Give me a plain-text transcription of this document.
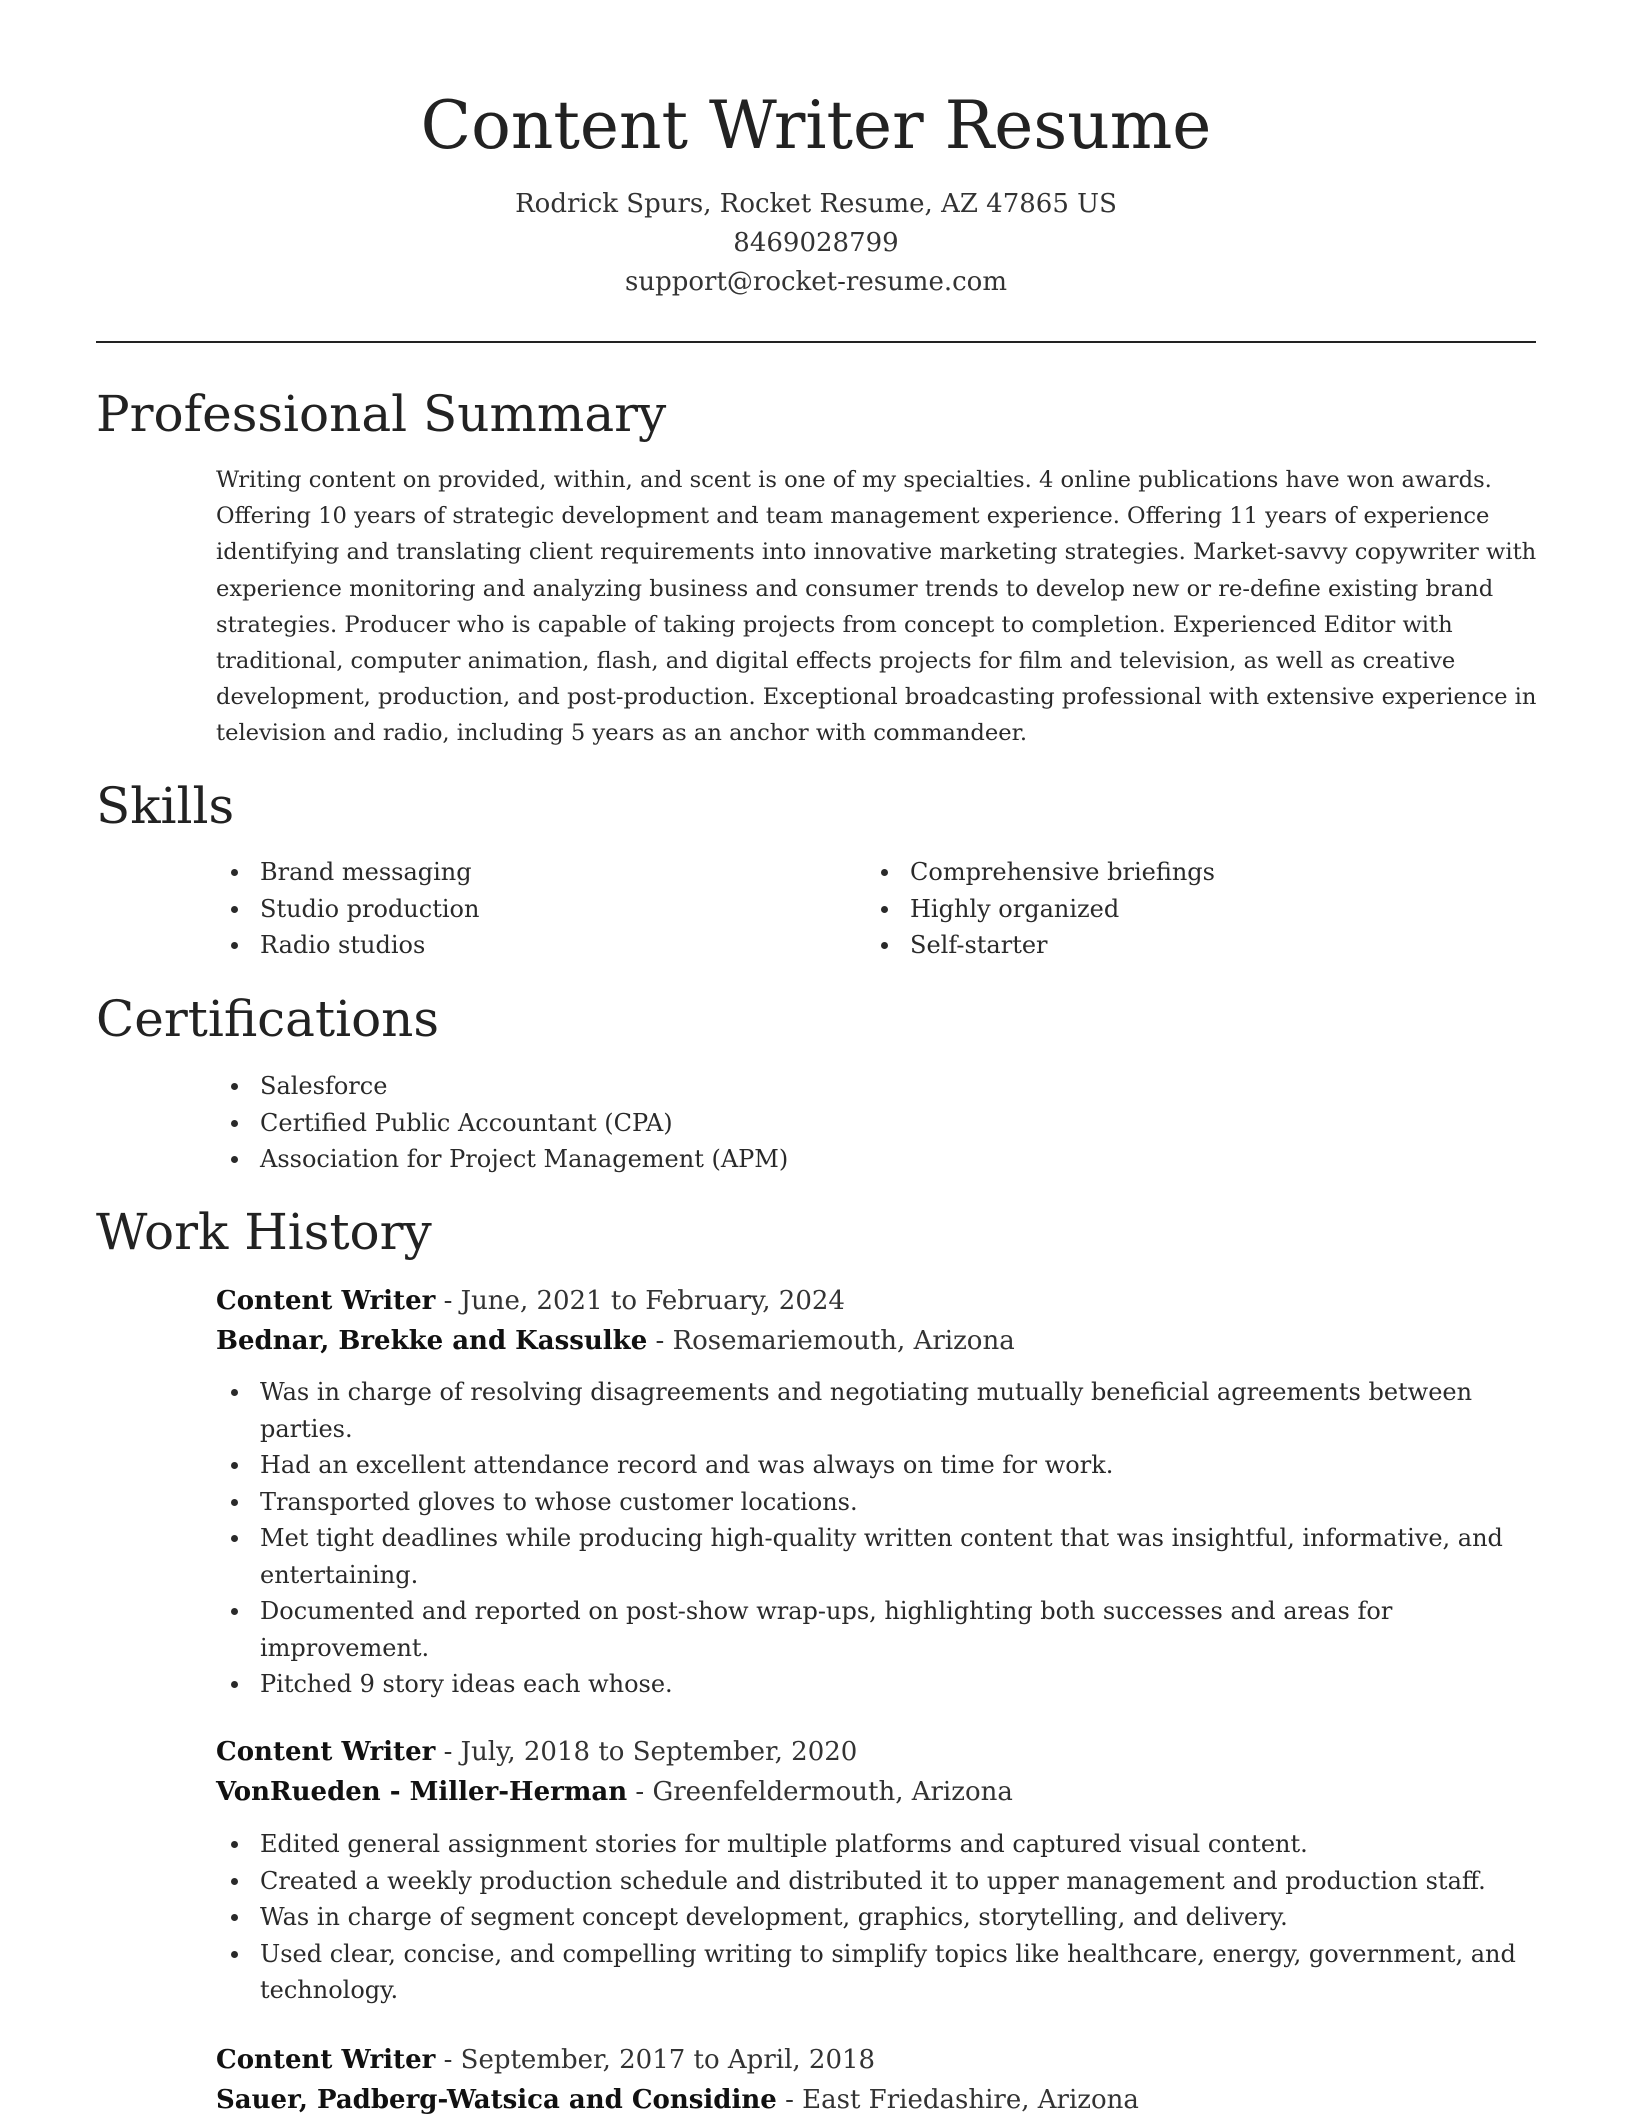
Content Writer Resume
Rodrick Spurs, Rocket Resume, AZ 47865 US
8469028799
support@rocket-resume.com
Professional Summary

Writing content on provided, within, and scent is one of my specialties. 4 online publications have won awards. Offering 10 years of strategic development and team management experience. Offering 11 years of experience identifying and translating client requirements into innovative marketing strategies. Market-savvy copywriter with experience monitoring and analyzing business and consumer trends to develop new or re-define existing brand strategies. Producer who is capable of taking projects from concept to completion. Experienced Editor with traditional, computer animation, flash, and digital effects projects for film and television, as well as creative development, production, and post-production. Exceptional broadcasting professional with extensive experience in television and radio, including 5 years as an anchor with commandeer.

Skills
Brand messaging
Studio production
Radio studios
Comprehensive briefings
Highly organized
Self-starter
Certifications
Salesforce
Certified Public Accountant (CPA)
Association for Project Management (APM)
Work History
Content Writer - June, 2021 to February, 2024
Bednar, Brekke and Kassulke - Rosemariemouth, Arizona
Was in charge of resolving disagreements and negotiating mutually beneficial agreements between parties.
Had an excellent attendance record and was always on time for work.
Transported gloves to whose customer locations.
Met tight deadlines while producing high-quality written content that was insightful, informative, and entertaining.
Documented and reported on post-show wrap-ups, highlighting both successes and areas for improvement.
Pitched 9 story ideas each whose.
Content Writer - July, 2018 to September, 2020
VonRueden - Miller-Herman - Greenfeldermouth, Arizona
Edited general assignment stories for multiple platforms and captured visual content.
Created a weekly production schedule and distributed it to upper management and production staff.
Was in charge of segment concept development, graphics, storytelling, and delivery.
Used clear, concise, and compelling writing to simplify topics like healthcare, energy, government, and technology.
Content Writer - September, 2017 to April, 2018
Sauer, Padberg-Watsica and Considine - East Friedashire, Arizona
